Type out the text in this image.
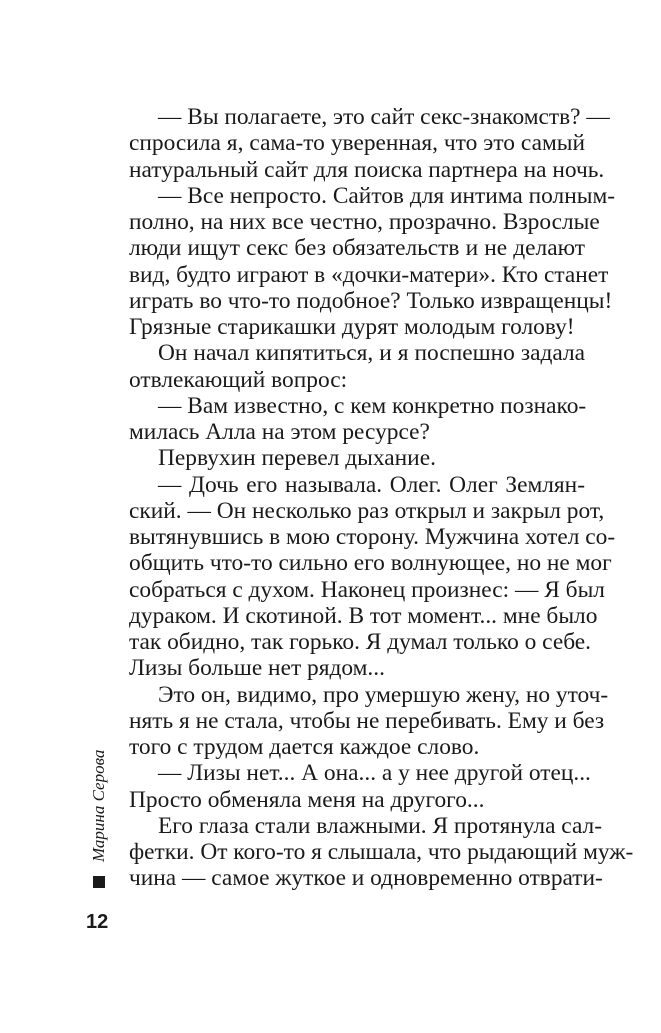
— Вы полагаете, это сайт секс-знакомств? —
спросила я, сама-то уверенная, что это самый
натуральный сайт для поиска партнера на ночь.
— Все непросто. Сайтов для интима полным-
полно, на них все честно, прозрачно. Взрослые
люди ищут секс без обязательств и не делают
вид, будто играют в «дочки-матери». Кто станет
играть во что-то подобное? Только извращенцы!
Грязные старикашки дурят молодым голову!
Он начал кипятиться, и я поспешно задала
отвлекающий вопрос:
— Вам известно, с кем конкретно познако-
милась Алла на этом ресурсе?
Первухин перевел дыхание.
— Дочь его называла. Олег. Олег Землян-
ский. — Он несколько раз открыл и закрыл рот,
вытянувшись в мою сторону. Мужчина хотел со-
общить что-то сильно его волнующее, но не мог
собраться с духом. Наконец произнес: — Я был
дураком. И скотиной. В тот момент... мне было
так обидно, так горько. Я думал только о себе.
Лизы больше нет рядом...
Это он, видимо, про умершую жену, но уточ-
нять я не стала, чтобы не перебивать. Ему и без
того с трудом дается каждое слово.
— Лизы нет... А она... а у нее другой отец...
Просто обменяла меня на другого...
Его глаза стали влажными. Я протянула сал-
фетки. От кого-то я слышала, что рыдающий муж-
чина — самое жуткое и одновременно отврати-
Марина Серова
12
